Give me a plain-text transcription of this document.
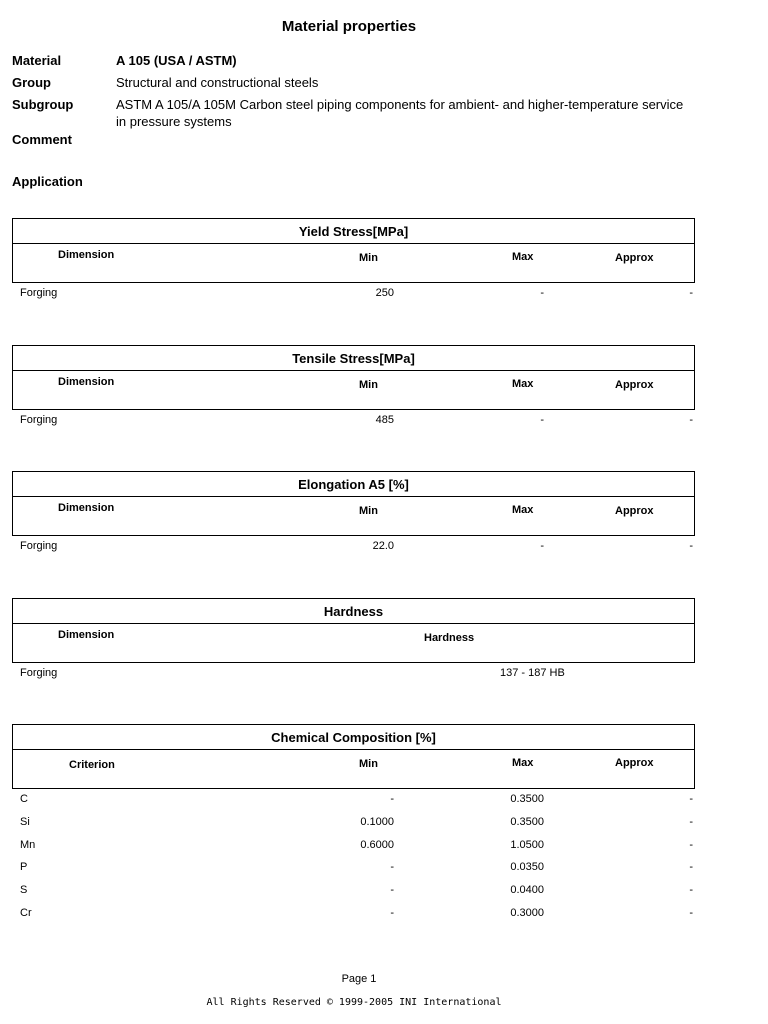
Material properties
Material	A 105 (USA / ASTM)
Group	Structural and constructional steels
Subgroup	ASTM A 105/A 105M Carbon steel piping components for ambient- and higher-temperature service in pressure systems
Comment
Application
Yield Stress[MPa]
Dimension	Min	Max	Approx
Forging	250	-	-
Tensile Stress[MPa]
Dimension	Min	Max	Approx
Forging	485	-	-
Elongation A5 [%]
Dimension	Min	Max	Approx
Forging	22.0	-	-
Hardness
Dimension	Hardness
Forging	137 - 187 HB
Chemical Composition [%]
Criterion	Min	Max	Approx
C	-	0.3500	-
Si	0.1000	0.3500	-
Mn	0.6000	1.0500	-
P	-	0.0350	-
S	-	0.0400	-
Cr	-	0.3000	-
Page 1
All Rights Reserved © 1999-2005 INI International
